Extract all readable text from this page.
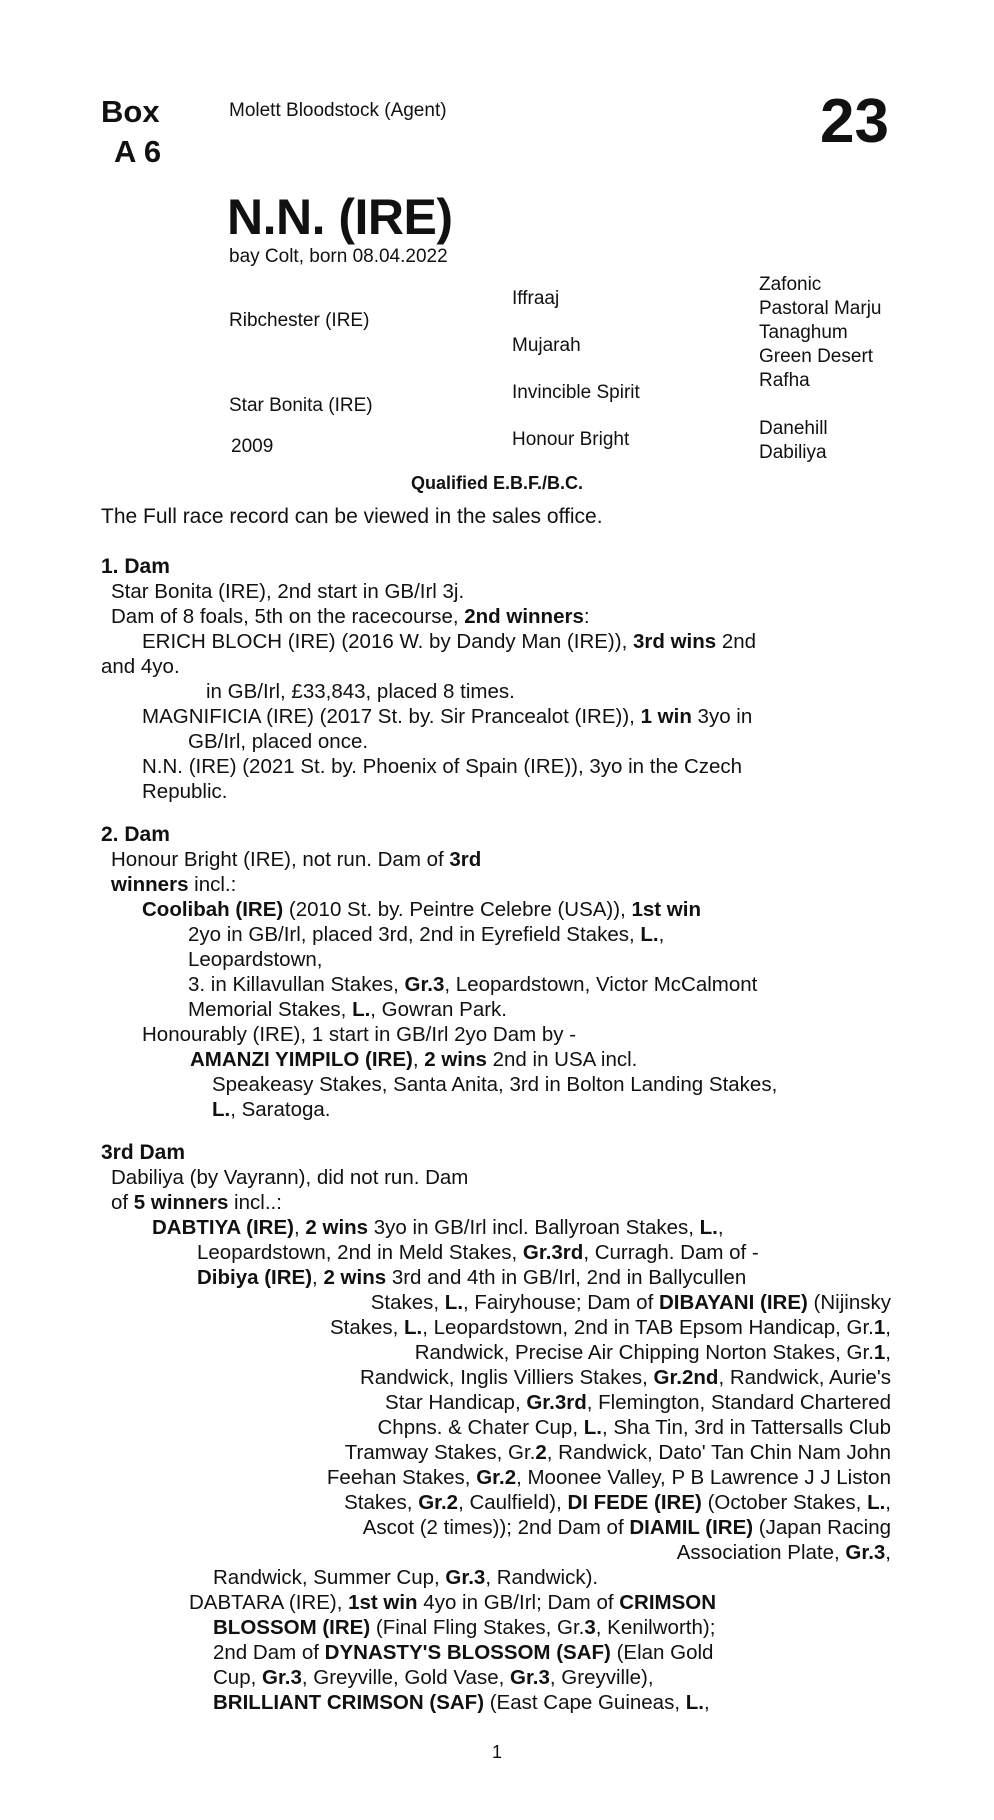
Box
A 6
Molett Bloodstock (Agent)	23
N.N. (IRE)
bay Colt, born 08.04.2022
Ribchester (IRE)
Star Bonita (IRE)
2009
Iffraaj
Mujarah
Invincible Spirit
Honour Bright
Zafonic
Pastoral Marju
Tanaghum
Green Desert
Rafha
Danehill
Dabiliya
Qualified E.B.F./B.C.
The Full race record can be viewed in the sales office.
1. Dam

Star Bonita (IRE), 2nd start in GB/Irl 3j.

Dam of 8 foals, 5th on the racecourse, 2nd winners:

ERICH BLOCH (IRE) (2016 W. by Dandy Man (IRE)), 3rd wins 2nd

and 4yo.

in GB/Irl, £33,843, placed 8 times.

MAGNIFICIA (IRE) (2017 St. by. Sir Prancealot (IRE)), 1 win 3yo in

GB/Irl, placed once.

N.N. (IRE) (2021 St. by. Phoenix of Spain (IRE)), 3yo in the Czech

Republic.

2. Dam

Honour Bright (IRE), not run. Dam of 3rd

winners incl.:

Coolibah (IRE) (2010 St. by. Peintre Celebre (USA)), 1st win

2yo in GB/Irl, placed 3rd, 2nd in Eyrefield Stakes, L.,

Leopardstown,

3. in Killavullan Stakes, Gr.3, Leopardstown, Victor McCalmont

Memorial Stakes, L., Gowran Park.

Honourably (IRE), 1 start in GB/Irl 2yo Dam by -

AMANZI YIMPILO (IRE), 2 wins 2nd in USA incl.

Speakeasy Stakes, Santa Anita, 3rd in Bolton Landing Stakes,

L., Saratoga.

3rd Dam

Dabiliya (by Vayrann), did not run. Dam

of 5 winners incl..:

DABTIYA (IRE), 2 wins 3yo in GB/Irl incl. Ballyroan Stakes, L.,

Leopardstown, 2nd in Meld Stakes, Gr.3rd, Curragh. Dam of -

Dibiya (IRE), 2 wins 3rd and 4th in GB/Irl, 2nd in Ballycullen

Stakes, L., Fairyhouse; Dam of DIBAYANI (IRE) (Nijinsky

Stakes, L., Leopardstown, 2nd in TAB Epsom Handicap, Gr.1,

Randwick, Precise Air Chipping Norton Stakes, Gr.1,

Randwick, Inglis Villiers Stakes, Gr.2nd, Randwick, Aurie's

Star Handicap, Gr.3rd, Flemington, Standard Chartered

Chpns. & Chater Cup, L., Sha Tin, 3rd in Tattersalls Club

Tramway Stakes, Gr.2, Randwick, Dato' Tan Chin Nam John

Feehan Stakes, Gr.2, Moonee Valley, P B Lawrence J J Liston

Stakes, Gr.2, Caulfield), DI FEDE (IRE) (October Stakes, L.,

Ascot (2 times)); 2nd Dam of DIAMIL (IRE) (Japan Racing

Association Plate, Gr.3,

Randwick, Summer Cup, Gr.3, Randwick).

DABTARA (IRE), 1st win 4yo in GB/Irl; Dam of CRIMSON

BLOSSOM (IRE) (Final Fling Stakes, Gr.3, Kenilworth);

2nd Dam of DYNASTY'S BLOSSOM (SAF) (Elan Gold

Cup, Gr.3, Greyville, Gold Vase, Gr.3, Greyville),

BRILLIANT CRIMSON (SAF) (East Cape Guineas, L.,

1
